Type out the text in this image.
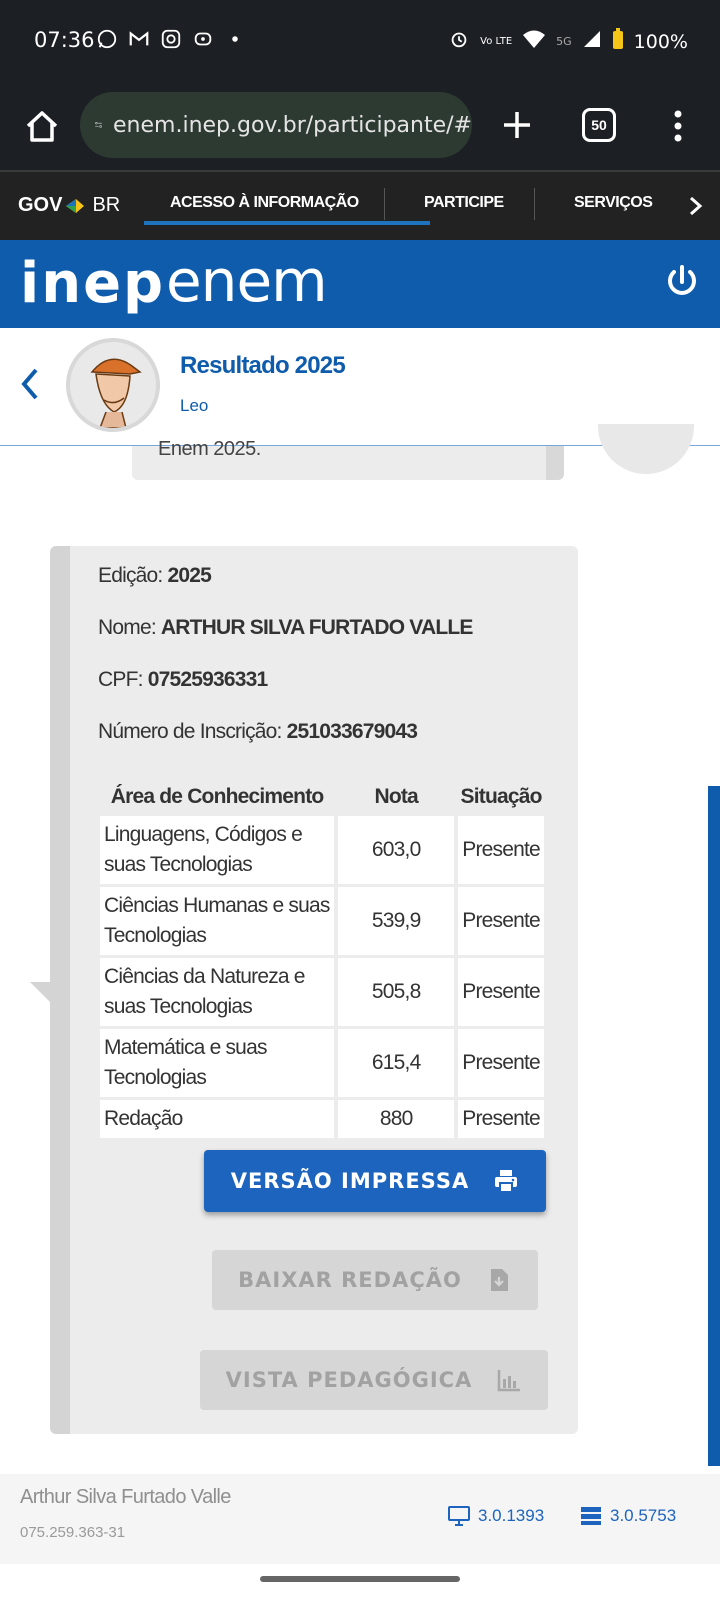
07:36	Vo LTE	5G	100%
enem.inep.gov.br/participante/#	50
GOV BR	ACESSO À INFORMAÇÃO	PARTICIPE	SERVIÇOS
inep enem
Resultado 2025
Leo
Enem 2025.
Edição: 2025
Nome: ARTHUR SILVA FURTADO VALLE
CPF: 07525936331
Número de Inscrição: 251033679043
Área de Conhecimento	Nota	Situação
Linguagens, Códigos e suas Tecnologias	603,0	Presente
Ciências Humanas e suas Tecnologias	539,9	Presente
Ciências da Natureza e suas Tecnologias	505,8	Presente
Matemática e suas Tecnologias	615,4	Presente
Redação	880	Presente
VERSÃO IMPRESSA
BAIXAR REDAÇÃO
VISTA PEDAGÓGICA
Arthur Silva Furtado Valle
075.259.363-31
3.0.1393	3.0.5753
